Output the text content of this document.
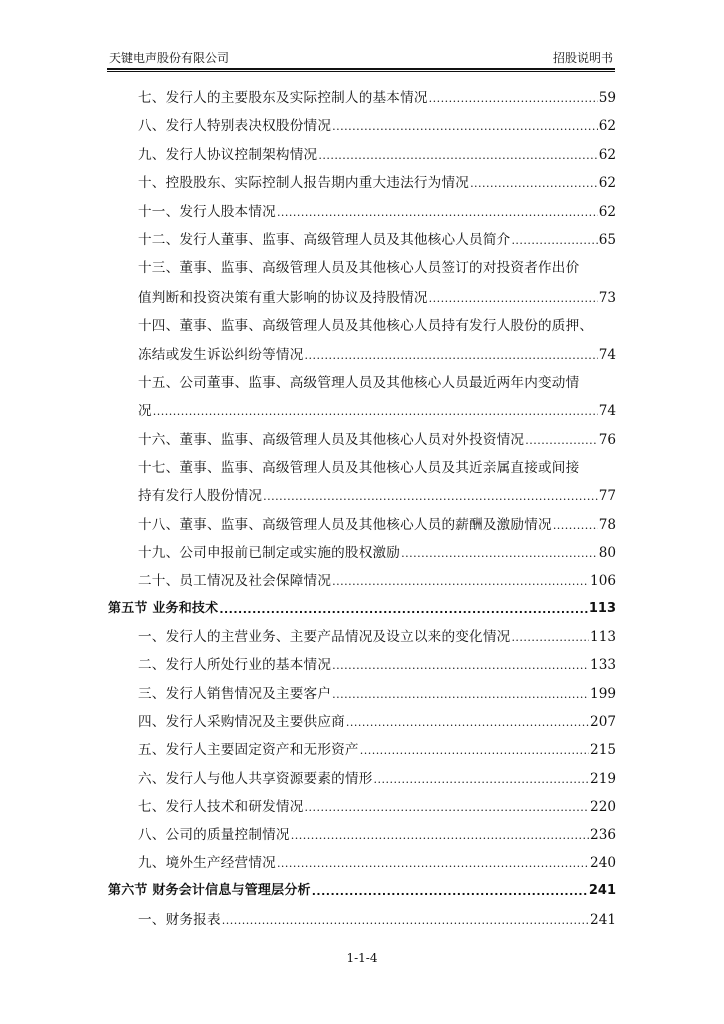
天键电声股份有限公司	招股说明书
七、发行人的主要股东及实际控制人的基本情况 .....	59
八、发行人特别表决权股份情况 .....	62
九、发行人协议控制架构情况 .....	62
十、控股股东、实际控制人报告期内重大违法行为情况 .....	62
十一、发行人股本情况 .....	62
十二、发行人董事、监事、高级管理人员及其他核心人员简介 .....	65
十三、董事、监事、高级管理人员及其他核心人员签订的对投资者作出价
值判断和投资决策有重大影响的协议及持股情况 .....	73
十四、董事、监事、高级管理人员及其他核心人员持有发行人股份的质押、
冻结或发生诉讼纠纷等情况 .....	74
十五、公司董事、监事、高级管理人员及其他核心人员最近两年内变动情
况 .....	74
十六、董事、监事、高级管理人员及其他核心人员对外投资情况 .....	76
十七、董事、监事、高级管理人员及其他核心人员及其近亲属直接或间接
持有发行人股份情况 .....	77
十八、董事、监事、高级管理人员及其他核心人员的薪酬及激励情况 .....	78
十九、公司申报前已制定或实施的股权激励 .....	80
二十、员工情况及社会保障情况 .....	106
第五节 业务和技术 .....	113
一、发行人的主营业务、主要产品情况及设立以来的变化情况 .....	113
二、发行人所处行业的基本情况 .....	133
三、发行人销售情况及主要客户 .....	199
四、发行人采购情况及主要供应商 .....	207
五、发行人主要固定资产和无形资产 .....	215
六、发行人与他人共享资源要素的情形 .....	219
七、发行人技术和研发情况 .....	220
八、公司的质量控制情况 .....	236
九、境外生产经营情况 .....	240
第六节 财务会计信息与管理层分析 .....	241
一、财务报表 .....	241
1-1-4
